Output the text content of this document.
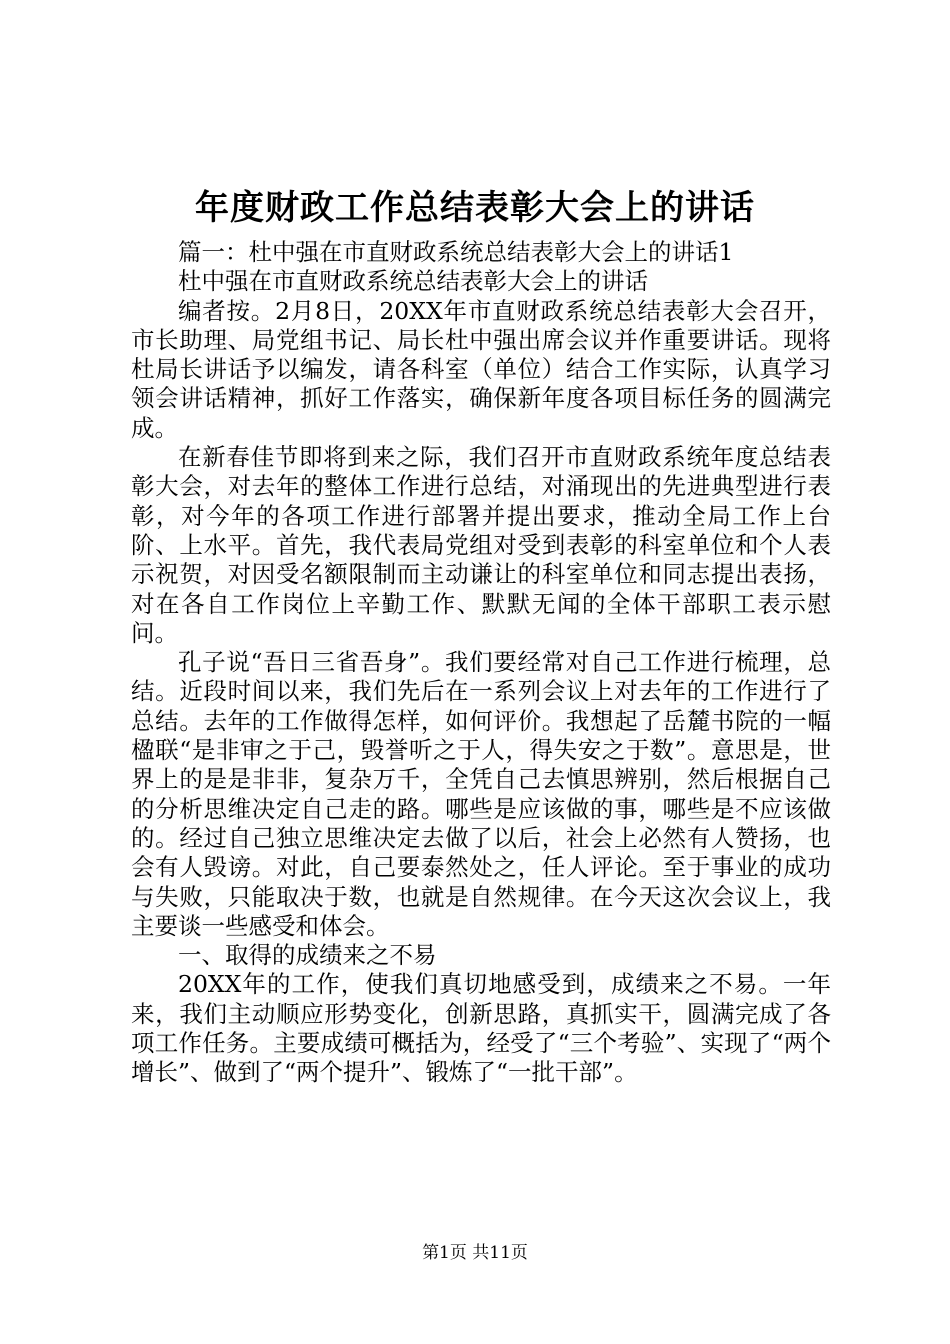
年度财政工作总结表彰大会上的讲话

篇一：杜中强在市直财政系统总结表彰大会上的讲话1

杜中强在市直财政系统总结表彰大会上的讲话

编者按。2月8日，20XX年市直财政系统总结表彰大会召开，市长助理、局党组书记、局长杜中强出席会议并作重要讲话。现将杜局长讲话予以编发，请各科室（单位）结合工作实际，认真学习领会讲话精神，抓好工作落实，确保新年度各项目标任务的圆满完成。

在新春佳节即将到来之际，我们召开市直财政系统年度总结表彰大会，对去年的整体工作进行总结，对涌现出的先进典型进行表彰，对今年的各项工作进行部署并提出要求，推动全局工作上台阶、上水平。首先，我代表局党组对受到表彰的科室单位和个人表示祝贺，对因受名额限制而主动谦让的科室单位和同志提出表扬，对在各自工作岗位上辛勤工作、默默无闻的全体干部职工表示慰问。

孔子说“吾日三省吾身”。我们要经常对自己工作进行梳理，总结。近段时间以来，我们先后在一系列会议上对去年的工作进行了总结。去年的工作做得怎样，如何评价。我想起了岳麓书院的一幅楹联“是非审之于己，毁誉听之于人，得失安之于数”。意思是，世界上的是是非非，复杂万千，全凭自己去慎思辨别，然后根据自己的分析思维决定自己走的路。哪些是应该做的事，哪些是不应该做的。经过自己独立思维决定去做了以后，社会上必然有人赞扬，也会有人毁谤。对此，自己要泰然处之，任人评论。至于事业的成功与失败，只能取决于数，也就是自然规律。在今天这次会议上，我主要谈一些感受和体会。

一、取得的成绩来之不易

20XX年的工作，使我们真切地感受到，成绩来之不易。一年来，我们主动顺应形势变化，创新思路，真抓实干，圆满完成了各项工作任务。主要成绩可概括为，经受了“三个考验”、实现了“两个增长”、做到了“两个提升”、锻炼了“一批干部”。

第1页 共11页
